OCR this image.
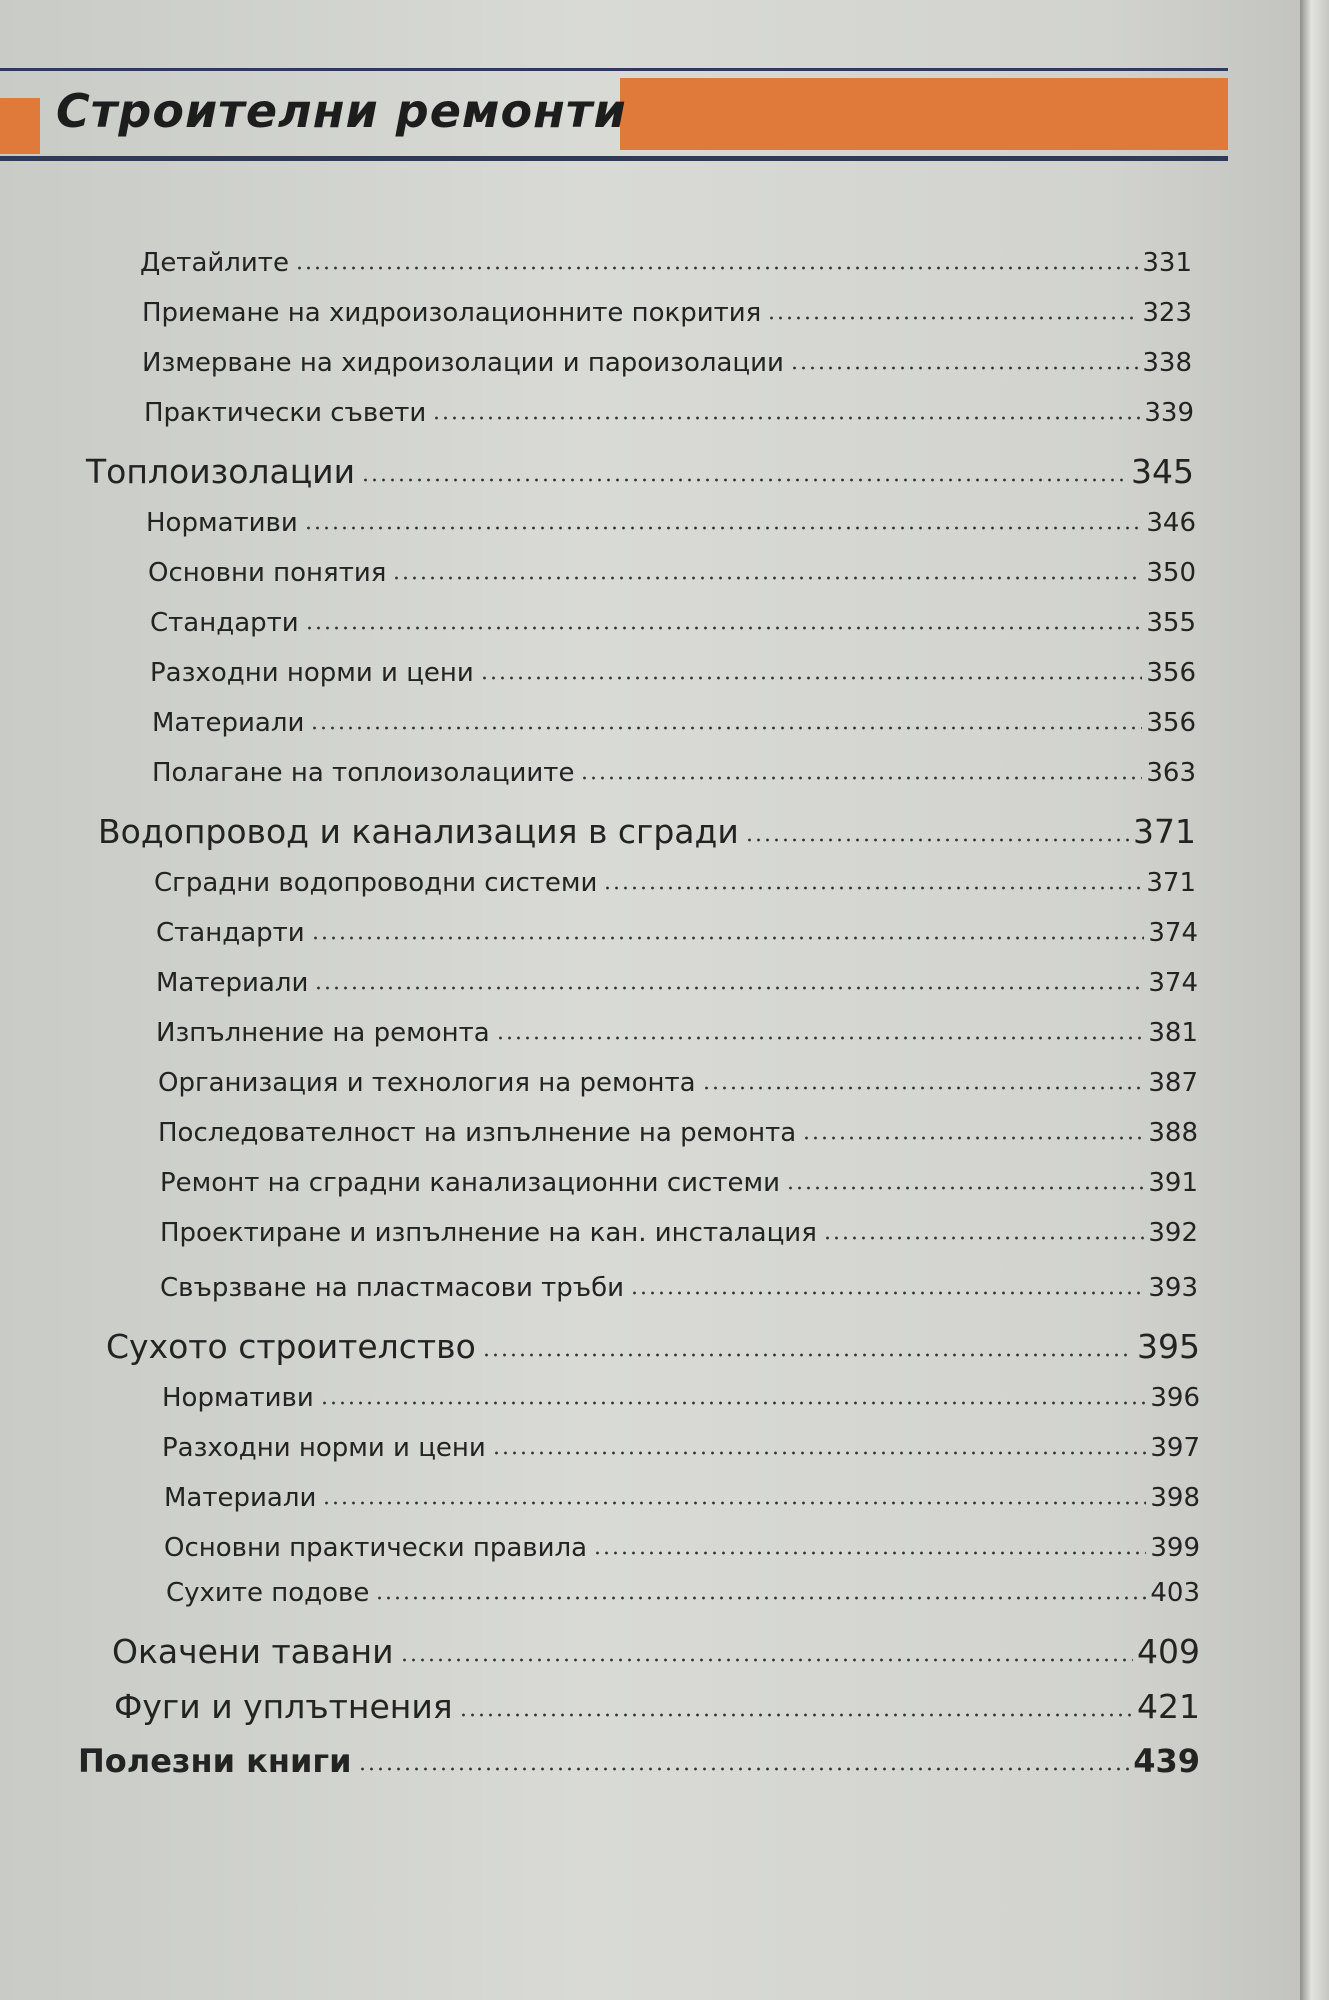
Строителни ремонти
Детайлите	331
Приемане на хидроизолационните покрития	323
Измерване на хидроизолации и пароизолации	338
Практически съвети	339
Топлоизолации	345
Нормативи	346
Основни понятия	350
Стандарти	355
Разходни норми и цени	356
Материали	356
Полагане на топлоизолациите	363
Водопровод и канализация в сгради	371
Сградни водопроводни системи	371
Стандарти	374
Материали	374
Изпълнение на ремонта	381
Организация и технология на ремонта	387
Последователност на изпълнение на ремонта	388
Ремонт на сградни канализационни системи	391
Проектиране и изпълнение на кан. инсталация	392
Свързване на пластмасови тръби	393
Сухото строителство	395
Нормативи	396
Разходни норми и цени	397
Материали	398
Основни практически правила	399
Сухите подове	403
Окачени тавани	409
Фуги и уплътнения	421
Полезни книги	439
